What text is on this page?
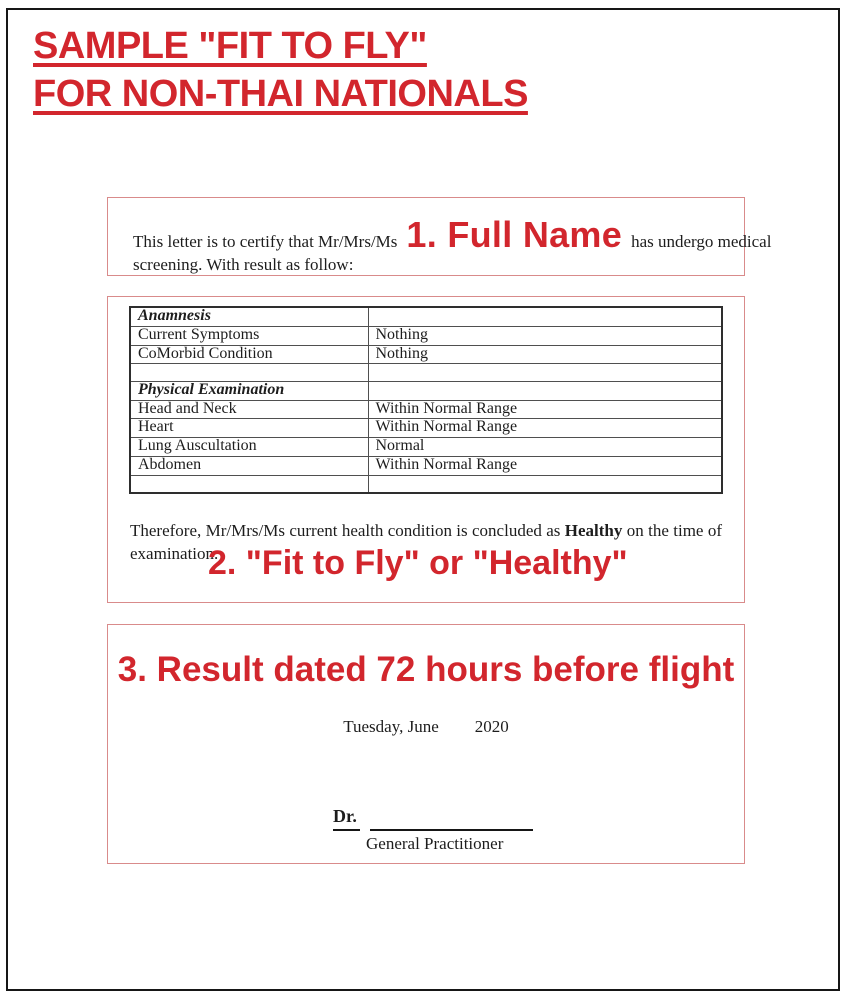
SAMPLE "FIT TO FLY"
FOR NON-THAI NATIONALS
This letter is to certify that Mr/Mrs/Ms 1. Full Name has undergo medical
screening. With result as follow:
Anamnesis	
Current Symptoms	Nothing
CoMorbid Condition	Nothing

Physical Examination	
Head and Neck	Within Normal Range
Heart	Within Normal Range
Lung Auscultation	Normal
Abdomen	Within Normal Range

Therefore, Mr/Mrs/Ms current health condition is concluded as Healthy on the time of
examination.
2. "Fit to Fly" or "Healthy"
3. Result dated 72 hours before flight
Tuesday, June 2020
Dr.
General Practitioner
